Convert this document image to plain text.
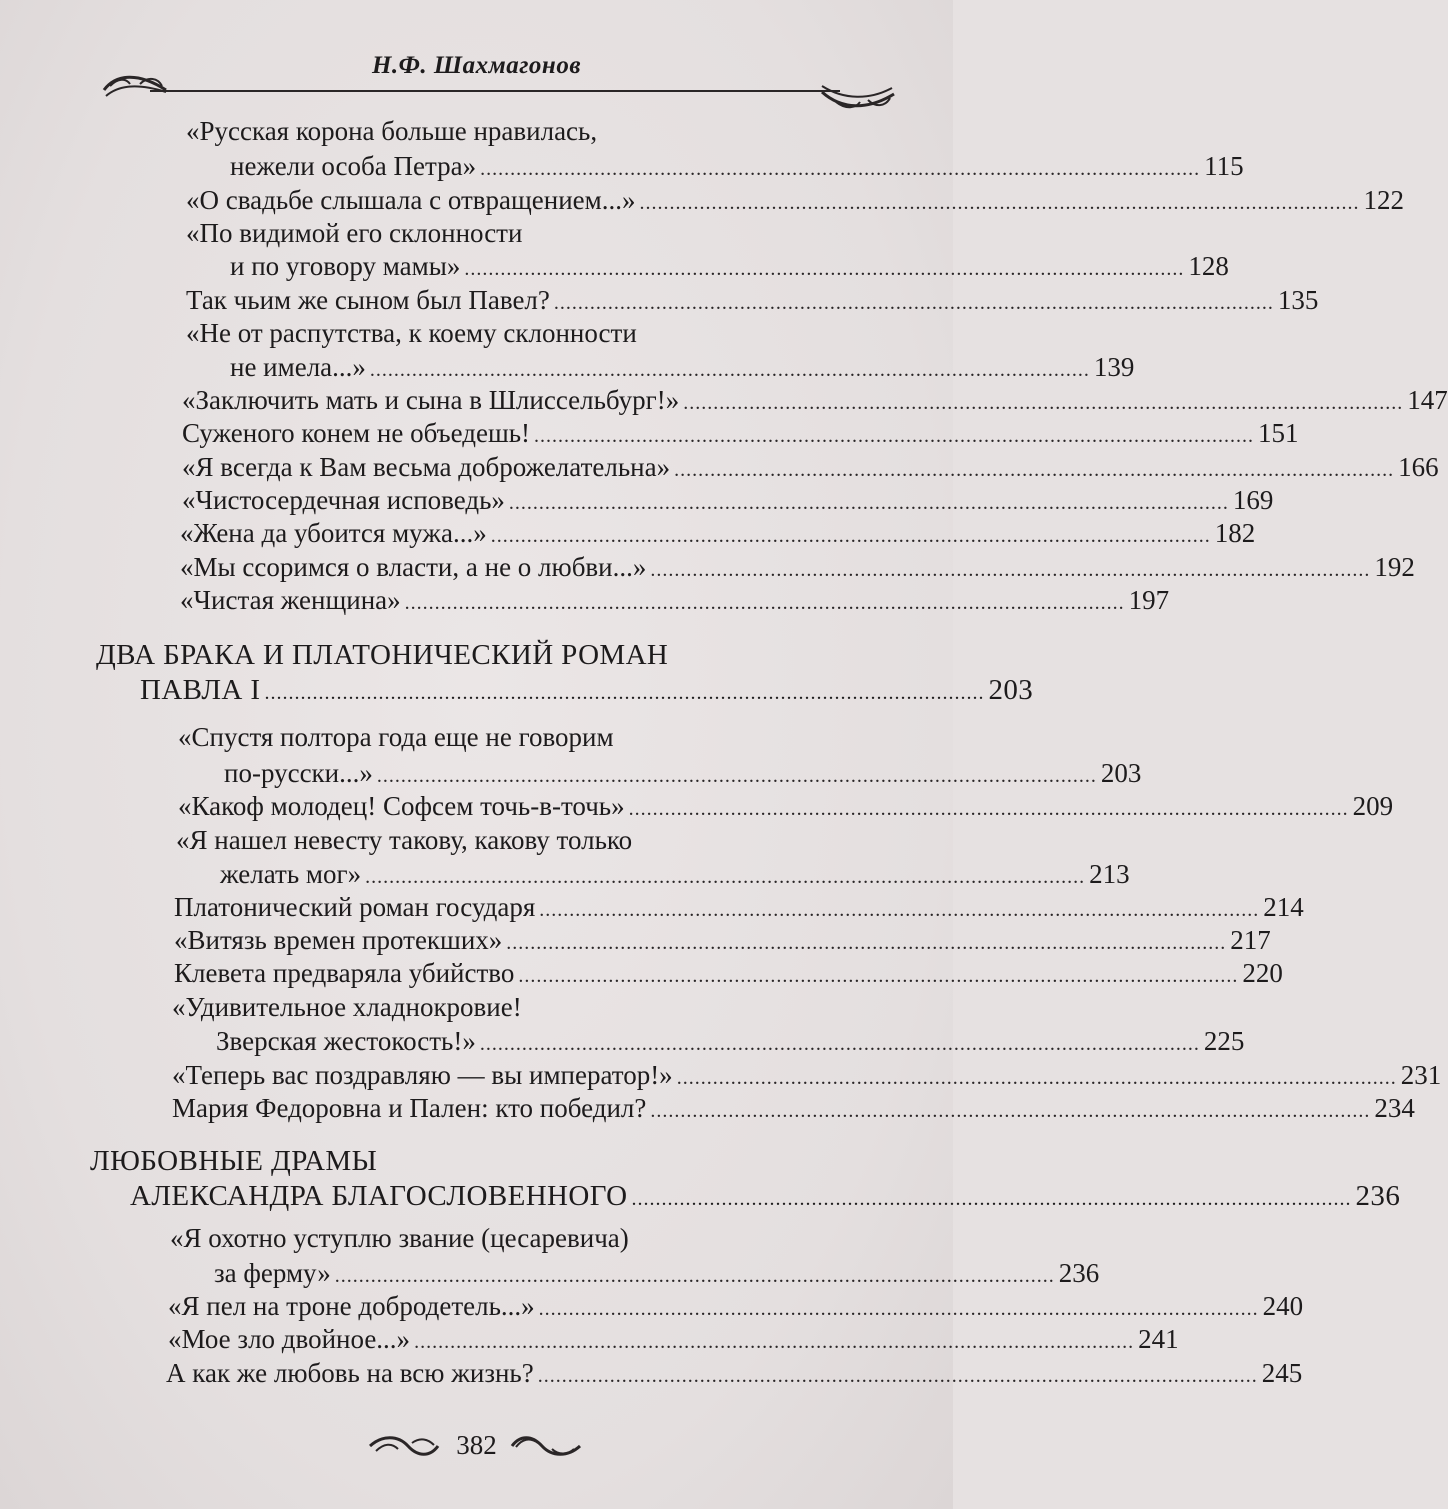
Н.Ф. Шахмагонов
«Русская корона больше нравилась,
нежели особа Петра» ........................................................................................................................ 115
«О свадьбе слышала с отвращением...» ........................................................................................................................ 122
«По видимой его склонности
и по уговору мамы» ........................................................................................................................ 128
Так чьим же сыном был Павел? ........................................................................................................................ 135
«Не от распутства, к коему склонности
не имела...» ........................................................................................................................ 139
«Заключить мать и сына в Шлиссельбург!» ........................................................................................................................ 147
Суженого конем не объедешь! ........................................................................................................................ 151
«Я всегда к Вам весьма доброжелательна» ........................................................................................................................ 166
«Чистосердечная исповедь» ........................................................................................................................ 169
«Жена да убоится мужа...» ........................................................................................................................ 182
«Мы ссоримся о власти, а не о любви...» ........................................................................................................................ 192
«Чистая женщина» ........................................................................................................................ 197
ДВА БРАКА И ПЛАТОНИЧЕСКИЙ РОМАН
ПАВЛА I ........................................................................................................................ 203
«Спустя полтора года еще не говорим
по-русски...» ........................................................................................................................ 203
«Какоф молодец! Софсем точь-в-точь» ........................................................................................................................ 209
«Я нашел невесту такову, какову только
желать мог» ........................................................................................................................ 213
Платонический роман государя ........................................................................................................................ 214
«Витязь времен протекших» ........................................................................................................................ 217
Клевета предваряла убийство ........................................................................................................................ 220
«Удивительное хладнокровие!
Зверская жестокость!» ........................................................................................................................ 225
«Теперь вас поздравляю — вы император!» ........................................................................................................................ 231
Мария Федоровна и Пален: кто победил? ........................................................................................................................ 234
ЛЮБОВНЫЕ ДРАМЫ
АЛЕКСАНДРА БЛАГОСЛОВЕННОГО ........................................................................................................................ 236
«Я охотно уступлю звание (цесаревича)
за ферму» ........................................................................................................................ 236
«Я пел на троне добродетель...» ........................................................................................................................ 240
«Мое зло двойное...» ........................................................................................................................ 241
А как же любовь на всю жизнь? ........................................................................................................................ 245
382
